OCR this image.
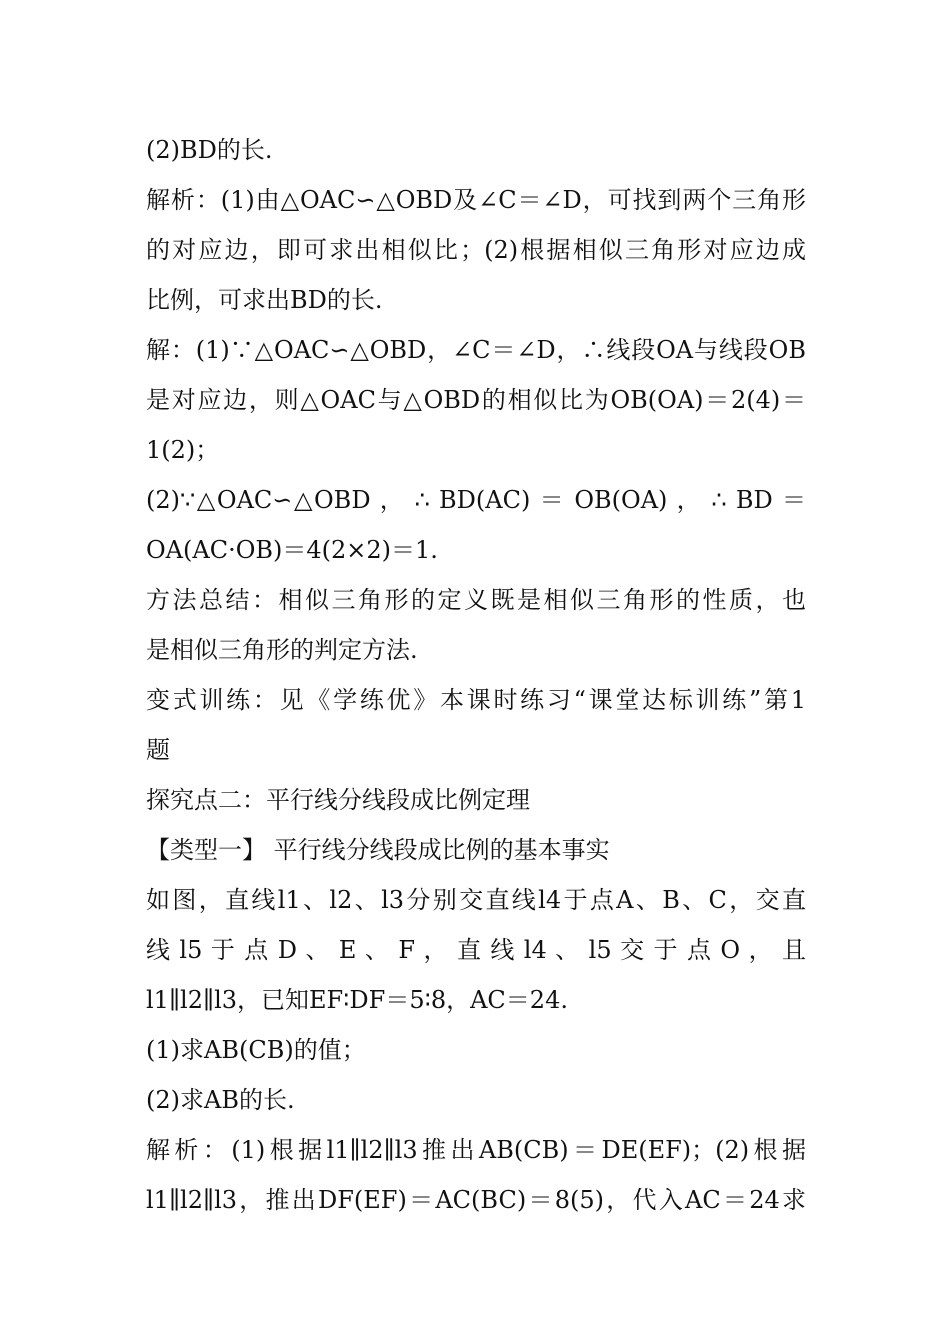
(2)BD的长.
解析：(1)由△OAC∽△OBD及∠C＝∠D，可找到两个三角形
的对应边，即可求出相似比；(2)根据相似三角形对应边成
比例，可求出BD的长.
解：(1)∵△OAC∽△OBD，∠C＝∠D，∴线段OA与线段OB
是对应边，则△OAC与△OBD的相似比为OB(OA)＝2(4)＝
1(2)；
(2)∵△OAC∽△OBD ， ∴ BD(AC) ＝ OB(OA) ， ∴ BD ＝
OA(AC·OB)＝4(2×2)＝1.
方法总结：相似三角形的定义既是相似三角形的性质，也
是相似三角形的判定方法.
变式训练：见《学练优》本课时练习“课堂达标训练”第1
题
探究点二：平行线分线段成比例定理
【类型一】 平行线分线段成比例的基本事实
如图，直线l1、l2、l3分别交直线l4于点A、B、C，交直
线 l5 于 点 D 、 E 、 F ， 直 线 l4 、 l5 交 于 点 O ， 且
l1∥l2∥l3，已知EF∶DF＝5∶8，AC＝24.
(1)求AB(CB)的值；
(2)求AB的长.
解析：(1)根据l1∥l2∥l3推出AB(CB)＝DE(EF)；(2)根据
l1∥l2∥l3，推出DF(EF)＝AC(BC)＝8(5)，代入AC＝24求
